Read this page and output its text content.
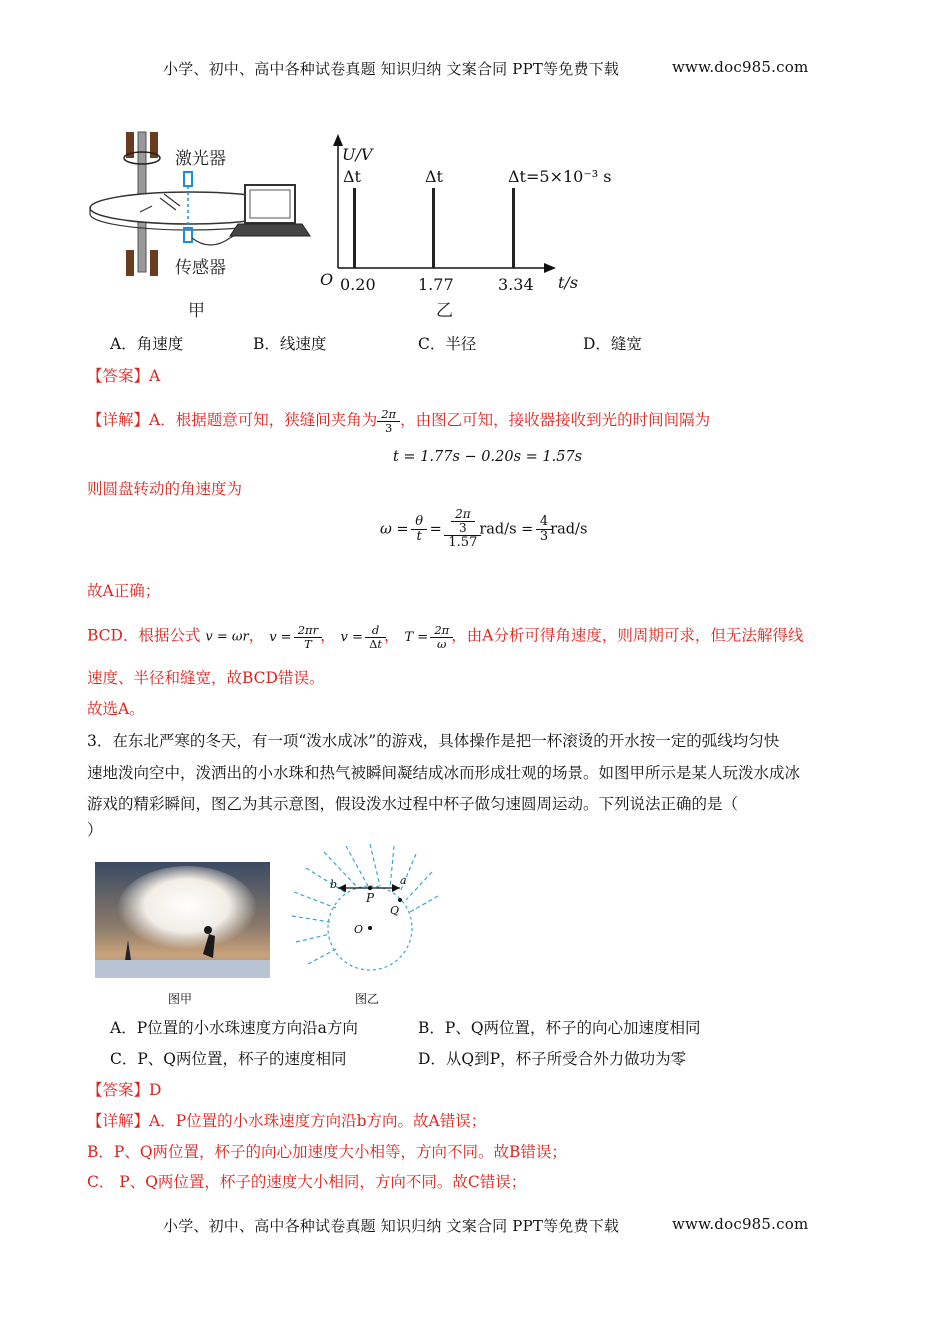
小学、初中、高中各种试卷真题 知识归纳 文案合同 PPT等免费下载	www.doc985.com
激光器
传感器
甲
U/V
t/s
O
Δt	Δt	Δt=5×10⁻³ s
0.20	1.77	3.34
乙
A．角速度	B．线速度	C．半径	D．缝宽
【答案】A
【详解】A．根据题意可知，狭缝间夹角为 $\frac{2\pi}{3}$ ，由图乙可知，接收器接收到光的时间间隔为
t = 1.77s − 0.20s = 1.57s
则圆盘转动的角速度为
$\omega = \frac{\theta}{t} = \frac{\frac{2\pi}{3}}{1.57} rad/s = \frac{4}{3} rad/s$
故A正确；
BCD．根据公式 v = ωr， $v = \frac{2\pi r}{T}$ ， $v = \frac{d}{\Delta t}$ ， $T = \frac{2\pi}{\omega}$ ，由A分析可得角速度，则周期可求，但无法解得线
速度、半径和缝宽，故BCD错误。
故选A。
3．在东北严寒的冬天，有一项“泼水成冰”的游戏，具体操作是把一杯滚烫的开水按一定的弧线均匀快
速地泼向空中，泼洒出的小水珠和热气被瞬间凝结成冰而形成壮观的场景。如图甲所示是某人玩泼水成冰
游戏的精彩瞬间，图乙为其示意图，假设泼水过程中杯子做匀速圆周运动。下列说法正确的是（
）
图甲
b	a
P
Q
O
图乙
A．P位置的小水珠速度方向沿a方向	B．P、Q两位置，杯子的向心加速度相同
C．P、Q两位置，杯子的速度相同	D．从Q到P，杯子所受合外力做功为零
【答案】D
【详解】A．P位置的小水珠速度方向沿b方向。故A错误；
B．P、Q两位置，杯子的向心加速度大小相等，方向不同。故B错误；
C． P、Q两位置，杯子的速度大小相同，方向不同。故C错误；
小学、初中、高中各种试卷真题 知识归纳 文案合同 PPT等免费下载	www.doc985.com
